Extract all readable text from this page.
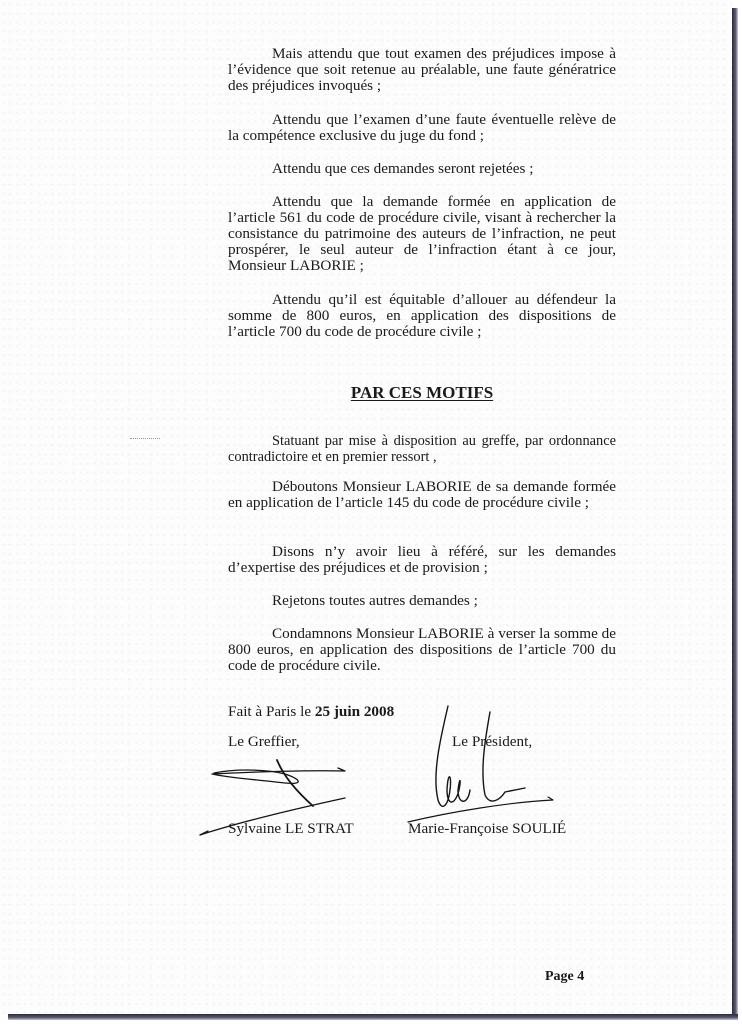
Mais attendu que tout examen des préjudices impose à l’évidence que soit retenue au préalable, une faute génératrice des préjudices invoqués ;

Attendu que l’examen d’une faute éventuelle relève de la compétence exclusive du juge du fond ;

Attendu que ces demandes seront rejetées ;

Attendu que la demande formée en application de l’article 561 du code de procédure civile, visant à rechercher la consistance du patrimoine des auteurs de l’infraction, ne peut prospérer, le seul auteur de l’infraction étant à ce jour, Monsieur LABORIE ;

Attendu qu’il est équitable d’allouer au défendeur la somme de 800 euros, en application des dispositions de l’article 700 du code de procédure civile ;

PAR CES MOTIFS

Statuant par mise à disposition au greffe, par ordonnance contradictoire et en premier ressort ,

Déboutons Monsieur LABORIE de sa demande formée en application de l’article 145 du code de procédure civile ;

Disons n’y avoir lieu à référé, sur les demandes d’expertise des préjudices et de provision ;

Rejetons toutes autres demandes ;

Condamnons Monsieur LABORIE à verser la somme de 800 euros, en application des dispositions de l’article 700 du code de procédure civile.

Fait à Paris le 25 juin 2008
Le Greffier,	Le Président,
Sylvaine LE STRAT	Marie-Françoise SOULIÉ
Page 4
